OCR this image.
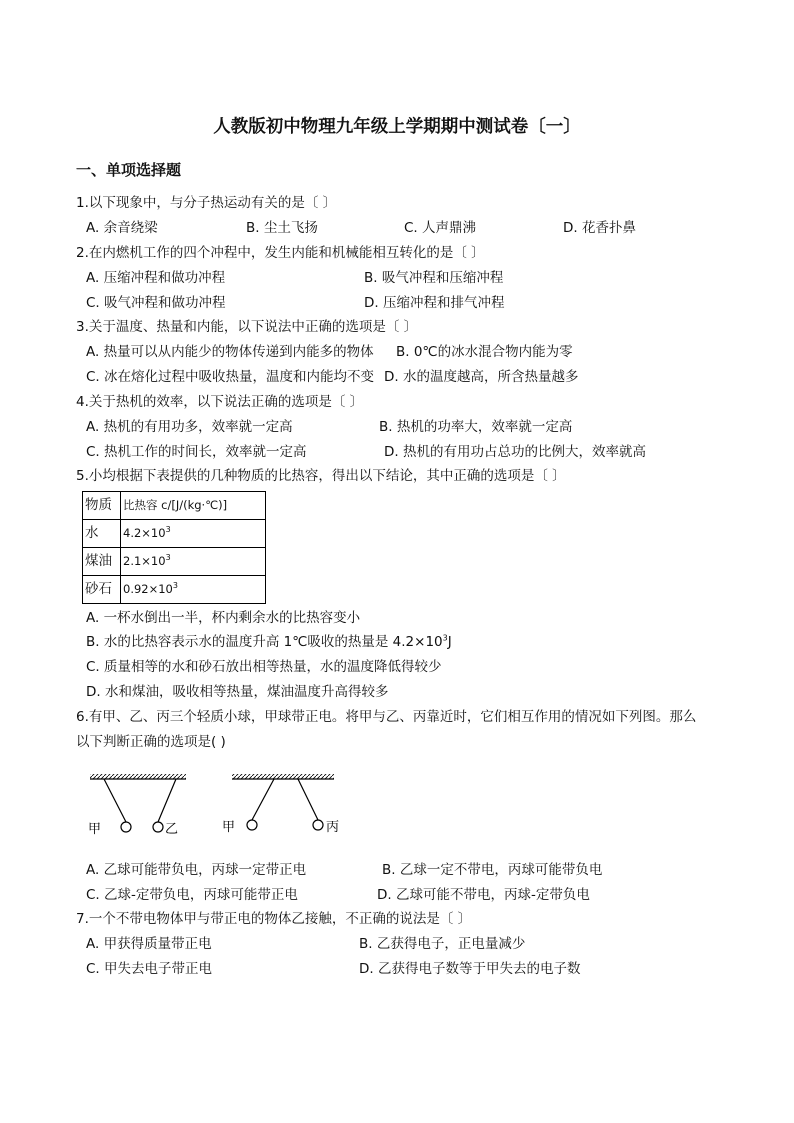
人教版初中物理九年级上学期期中测试卷〔一〕
一、单项选择题
1.以下现象中，与分子热运动有关的是〔 〕
A. 余音绕梁	B. 尘土飞扬	C. 人声鼎沸	D. 花香扑鼻
2.在内燃机工作的四个冲程中，发生内能和机械能相互转化的是〔 〕
A. 压缩冲程和做功冲程	B. 吸气冲程和压缩冲程
C. 吸气冲程和做功冲程	D. 压缩冲程和排气冲程
3.关于温度、热量和内能，以下说法中正确的选项是〔 〕
A. 热量可以从内能少的物体传递到内能多的物体 B. 0℃的冰水混合物内能为零
C. 冰在熔化过程中吸收热量，温度和内能均不变 D. 水的温度越高，所含热量越多
4.关于热机的效率，以下说法正确的选项是〔 〕
A. 热机的有用功多，效率就一定高	B. 热机的功率大，效率就一定高
C. 热机工作的时间长，效率就一定高	D. 热机的有用功占总功的比例大，效率就高
5.小均根据下表提供的几种物质的比热容，得出以下结论，其中正确的选项是〔 〕
物质	比热容 c/[J/(kg·℃)]
水	$4.2\times 10^3$
煤油	$2.1\times 10^3$
砂石	$0.92\times 10^3$
A. 一杯水倒出一半，杯内剩余水的比热容变小
B. 水的比热容表示水的温度升高 1℃吸收的热量是 $4.2\times 10^3J$
C. 质量相等的水和砂石放出相等热量，水的温度降低得较少
D. 水和煤油，吸收相等热量，煤油温度升高得较多
6.有甲、乙、丙三个轻质小球，甲球带正电。将甲与乙、丙靠近时，它们相互作用的情况如下列图。那么
以下判断正确的选项是( )
甲	乙	甲	丙
A. 乙球可能带负电，丙球一定带正电	B. 乙球一定不带电，丙球可能带负电
C. 乙球-定带负电，丙球可能带正电	D. 乙球可能不带电，丙球-定带负电
7.一个不带电物体甲与带正电的物体乙接触，不正确的说法是〔 〕
A. 甲获得质量带正电	B. 乙获得电子，正电量减少
C. 甲失去电子带正电	D. 乙获得电子数等于甲失去的电子数
